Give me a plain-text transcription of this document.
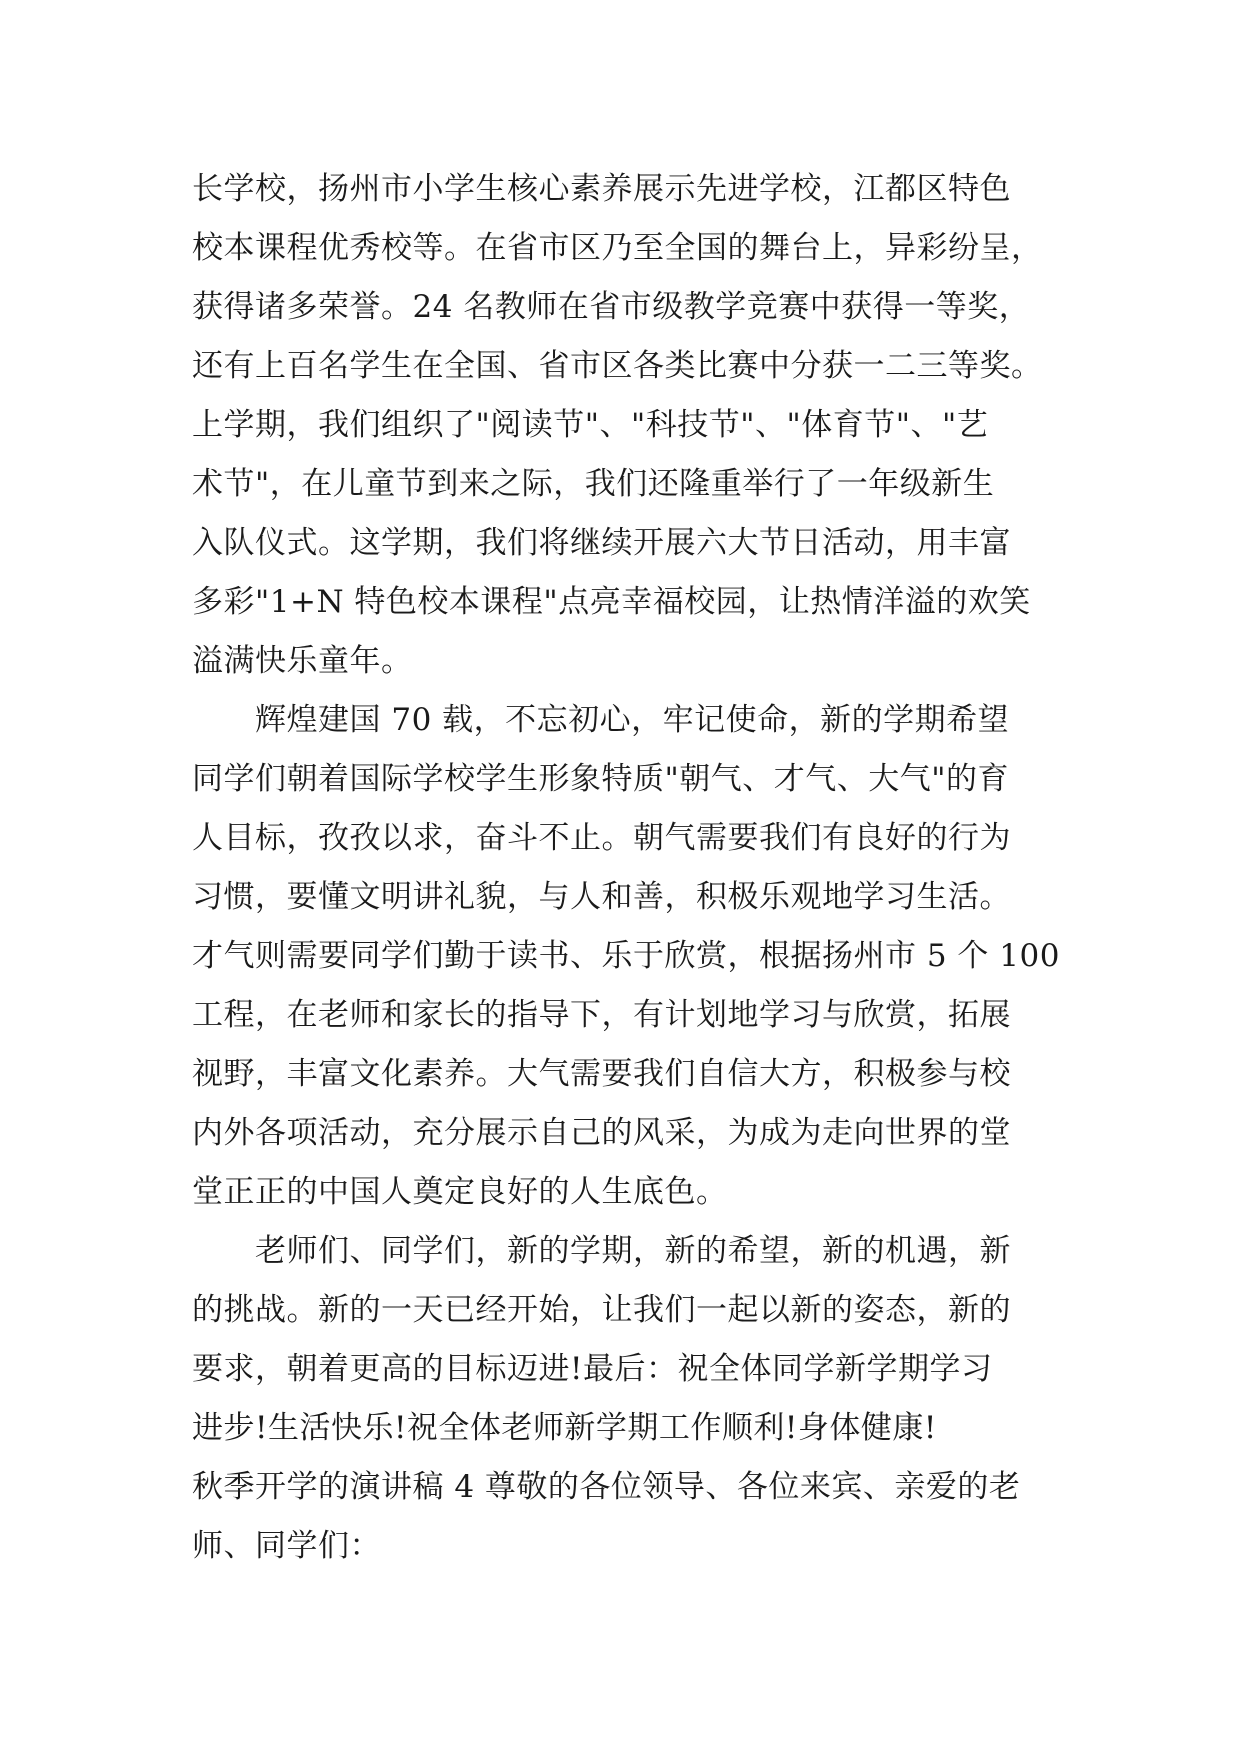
长学校，扬州市小学生核心素养展示先进学校，江都区特色
校本课程优秀校等。在省市区乃至全国的舞台上，异彩纷呈，
获得诸多荣誉。24 名教师在省市级教学竞赛中获得一等奖，
还有上百名学生在全国、省市区各类比赛中分获一二三等奖。
上学期，我们组织了"阅读节"、"科技节"、"体育节"、"艺
术节"，在儿童节到来之际，我们还隆重举行了一年级新生
入队仪式。这学期，我们将继续开展六大节日活动，用丰富
多彩"1+N 特色校本课程"点亮幸福校园，让热情洋溢的欢笑
溢满快乐童年。
　　辉煌建国 70 载，不忘初心，牢记使命，新的学期希望
同学们朝着国际学校学生形象特质"朝气、才气、大气"的育
人目标，孜孜以求，奋斗不止。朝气需要我们有良好的行为
习惯，要懂文明讲礼貌，与人和善，积极乐观地学习生活。
才气则需要同学们勤于读书、乐于欣赏，根据扬州市 5 个 100
工程，在老师和家长的指导下，有计划地学习与欣赏，拓展
视野，丰富文化素养。大气需要我们自信大方，积极参与校
内外各项活动，充分展示自己的风采，为成为走向世界的堂
堂正正的中国人奠定良好的人生底色。
　　老师们、同学们，新的学期，新的希望，新的机遇，新
的挑战。新的一天已经开始，让我们一起以新的姿态，新的
要求，朝着更高的目标迈进!最后：祝全体同学新学期学习
进步!生活快乐!祝全体老师新学期工作顺利!身体健康!
秋季开学的演讲稿 4 尊敬的各位领导、各位来宾、亲爱的老
师、同学们：
